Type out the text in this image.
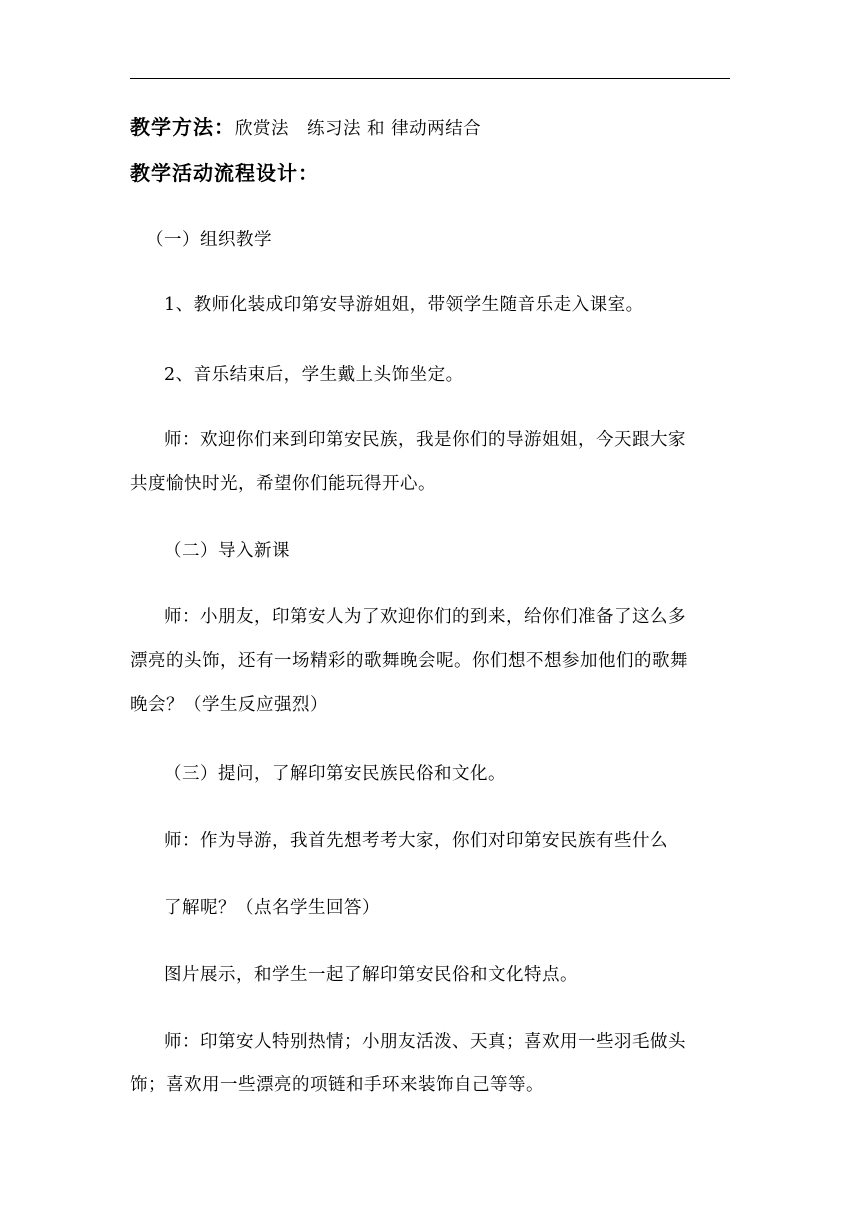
教学方法：欣赏法　练习法 和 律动两结合
教学活动流程设计：
（一）组织教学
1、教师化装成印第安导游姐姐，带领学生随音乐走入课室。
2、音乐结束后，学生戴上头饰坐定。
师：欢迎你们来到印第安民族，我是你们的导游姐姐，今天跟大家
共度愉快时光，希望你们能玩得开心。
（二）导入新课
师：小朋友，印第安人为了欢迎你们的到来，给你们准备了这么多
漂亮的头饰，还有一场精彩的歌舞晚会呢。你们想不想参加他们的歌舞
晚会？（学生反应强烈）
（三）提问，了解印第安民族民俗和文化。
师：作为导游，我首先想考考大家，你们对印第安民族有些什么
了解呢？（点名学生回答）
图片展示，和学生一起了解印第安民俗和文化特点。
师：印第安人特别热情；小朋友活泼、天真；喜欢用一些羽毛做头
饰；喜欢用一些漂亮的项链和手环来装饰自己等等。
